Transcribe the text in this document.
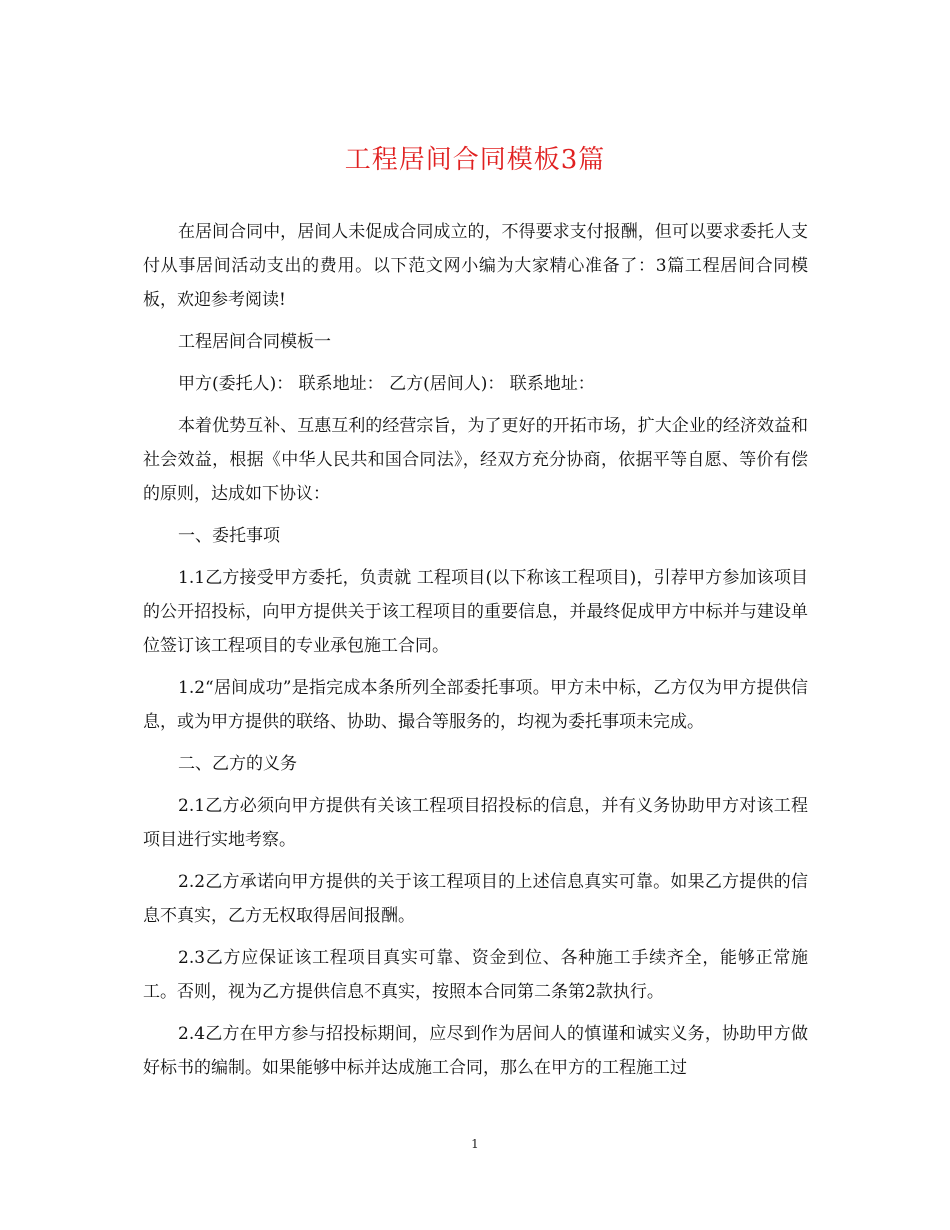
工程居间合同模板3篇

在居间合同中，居间人未促成合同成立的，不得要求支付报酬，但可以要求委托人支付从事居间活动支出的费用。以下范文网小编为大家精心准备了：3篇工程居间合同模板，欢迎参考阅读!

工程居间合同模板一

甲方(委托人)： 联系地址： 乙方(居间人)： 联系地址：

本着优势互补、互惠互利的经营宗旨，为了更好的开拓市场，扩大企业的经济效益和社会效益，根据《中华人民共和国合同法》，经双方充分协商，依据平等自愿、等价有偿的原则，达成如下协议：

一、委托事项

1.1乙方接受甲方委托，负责就 工程项目(以下称该工程项目)，引荐甲方参加该项目的公开招投标，向甲方提供关于该工程项目的重要信息，并最终促成甲方中标并与建设单位签订该工程项目的专业承包施工合同。

1.2“居间成功”是指完成本条所列全部委托事项。甲方未中标，乙方仅为甲方提供信息，或为甲方提供的联络、协助、撮合等服务的，均视为委托事项未完成。

二、乙方的义务

2.1乙方必须向甲方提供有关该工程项目招投标的信息，并有义务协助甲方对该工程项目进行实地考察。

2.2乙方承诺向甲方提供的关于该工程项目的上述信息真实可靠。如果乙方提供的信息不真实，乙方无权取得居间报酬。

2.3乙方应保证该工程项目真实可靠、资金到位、各种施工手续齐全，能够正常施工。否则，视为乙方提供信息不真实，按照本合同第二条第2款执行。

2.4乙方在甲方参与招投标期间，应尽到作为居间人的慎谨和诚实义务，协助甲方做好标书的编制。如果能够中标并达成施工合同，那么在甲方的工程施工过

1
